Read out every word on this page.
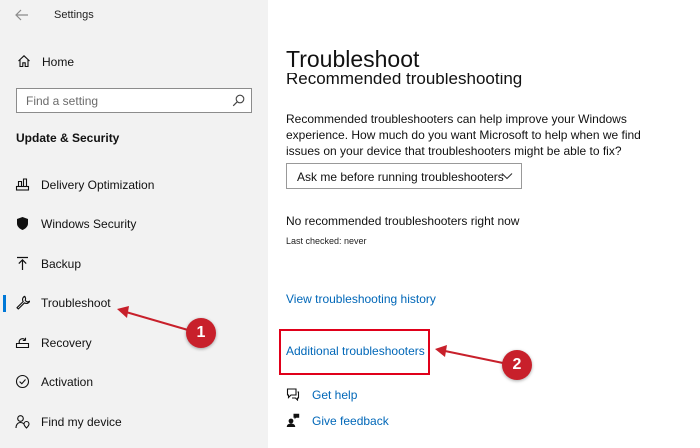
Settings
Home
Find a setting
Update & Security
Delivery Optimization
Windows Security
Backup
Troubleshoot
Recovery
Activation
Find my device
Troubleshoot
Recommended troubleshooting

Recommended troubleshooters can help improve your Windows experience. How much do you want Microsoft to help when we find issues on your device that troubleshooters might be able to fix?

Ask me before running troubleshooters
No recommended troubleshooters right now
Last checked: never
View troubleshooting history
Additional troubleshooters
Get help
Give feedback
1
2
